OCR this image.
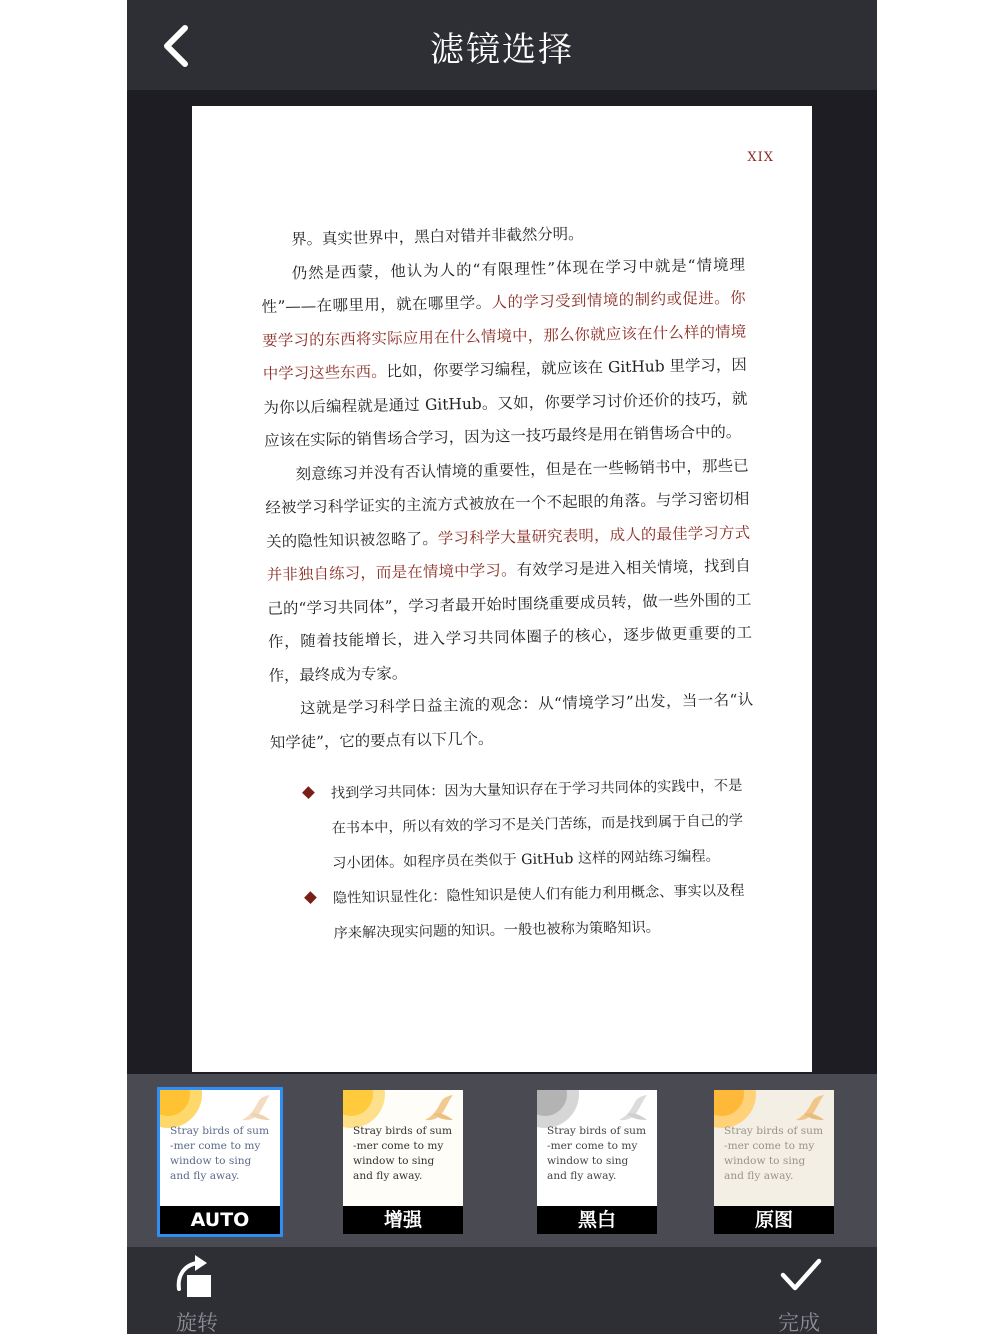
滤镜选择
XIX

界。真实世界中，黑白对错并非截然分明。

仍然是西蒙，他认为人的“有限理性”体现在学习中就是“情境理性”——在哪里用，就在哪里学。人的学习受到情境的制约或促进。你要学习的东西将实际应用在什么情境中，那么你就应该在什么样的情境中学习这些东西。比如，你要学习编程，就应该在 GitHub 里学习，因为你以后编程就是通过 GitHub。又如，你要学习讨价还价的技巧，就应该在实际的销售场合学习，因为这一技巧最终是用在销售场合中的。

刻意练习并没有否认情境的重要性，但是在一些畅销书中，那些已经被学习科学证实的主流方式被放在一个不起眼的角落。与学习密切相关的隐性知识被忽略了。学习科学大量研究表明，成人的最佳学习方式并非独自练习，而是在情境中学习。有效学习是进入相关情境，找到自己的“学习共同体”，学习者最开始时围绕重要成员转，做一些外围的工作，随着技能增长，进入学习共同体圈子的核心，逐步做更重要的工作，最终成为专家。

这就是学习科学日益主流的观念：从“情境学习”出发，当一名“认知学徒”，它的要点有以下几个。

找到学习共同体：因为大量知识存在于学习共同体的实践中，不是在书本中，所以有效的学习不是关门苦练，而是找到属于自己的学习小团体。如程序员在类似于 GitHub 这样的网站练习编程。
隐性知识显性化：隐性知识是使人们有能力利用概念、事实以及程序来解决现实问题的知识。一般也被称为策略知识。
Stray birds of sum
-mer come to my
window to sing
and fly away.
AUTO
Stray birds of sum
-mer come to my
window to sing
and fly away.
增强
Stray birds of sum
-mer come to my
window to sing
and fly away.
黑白
Stray birds of sum
-mer come to my
window to sing
and fly away.
原图
旋转	完成
